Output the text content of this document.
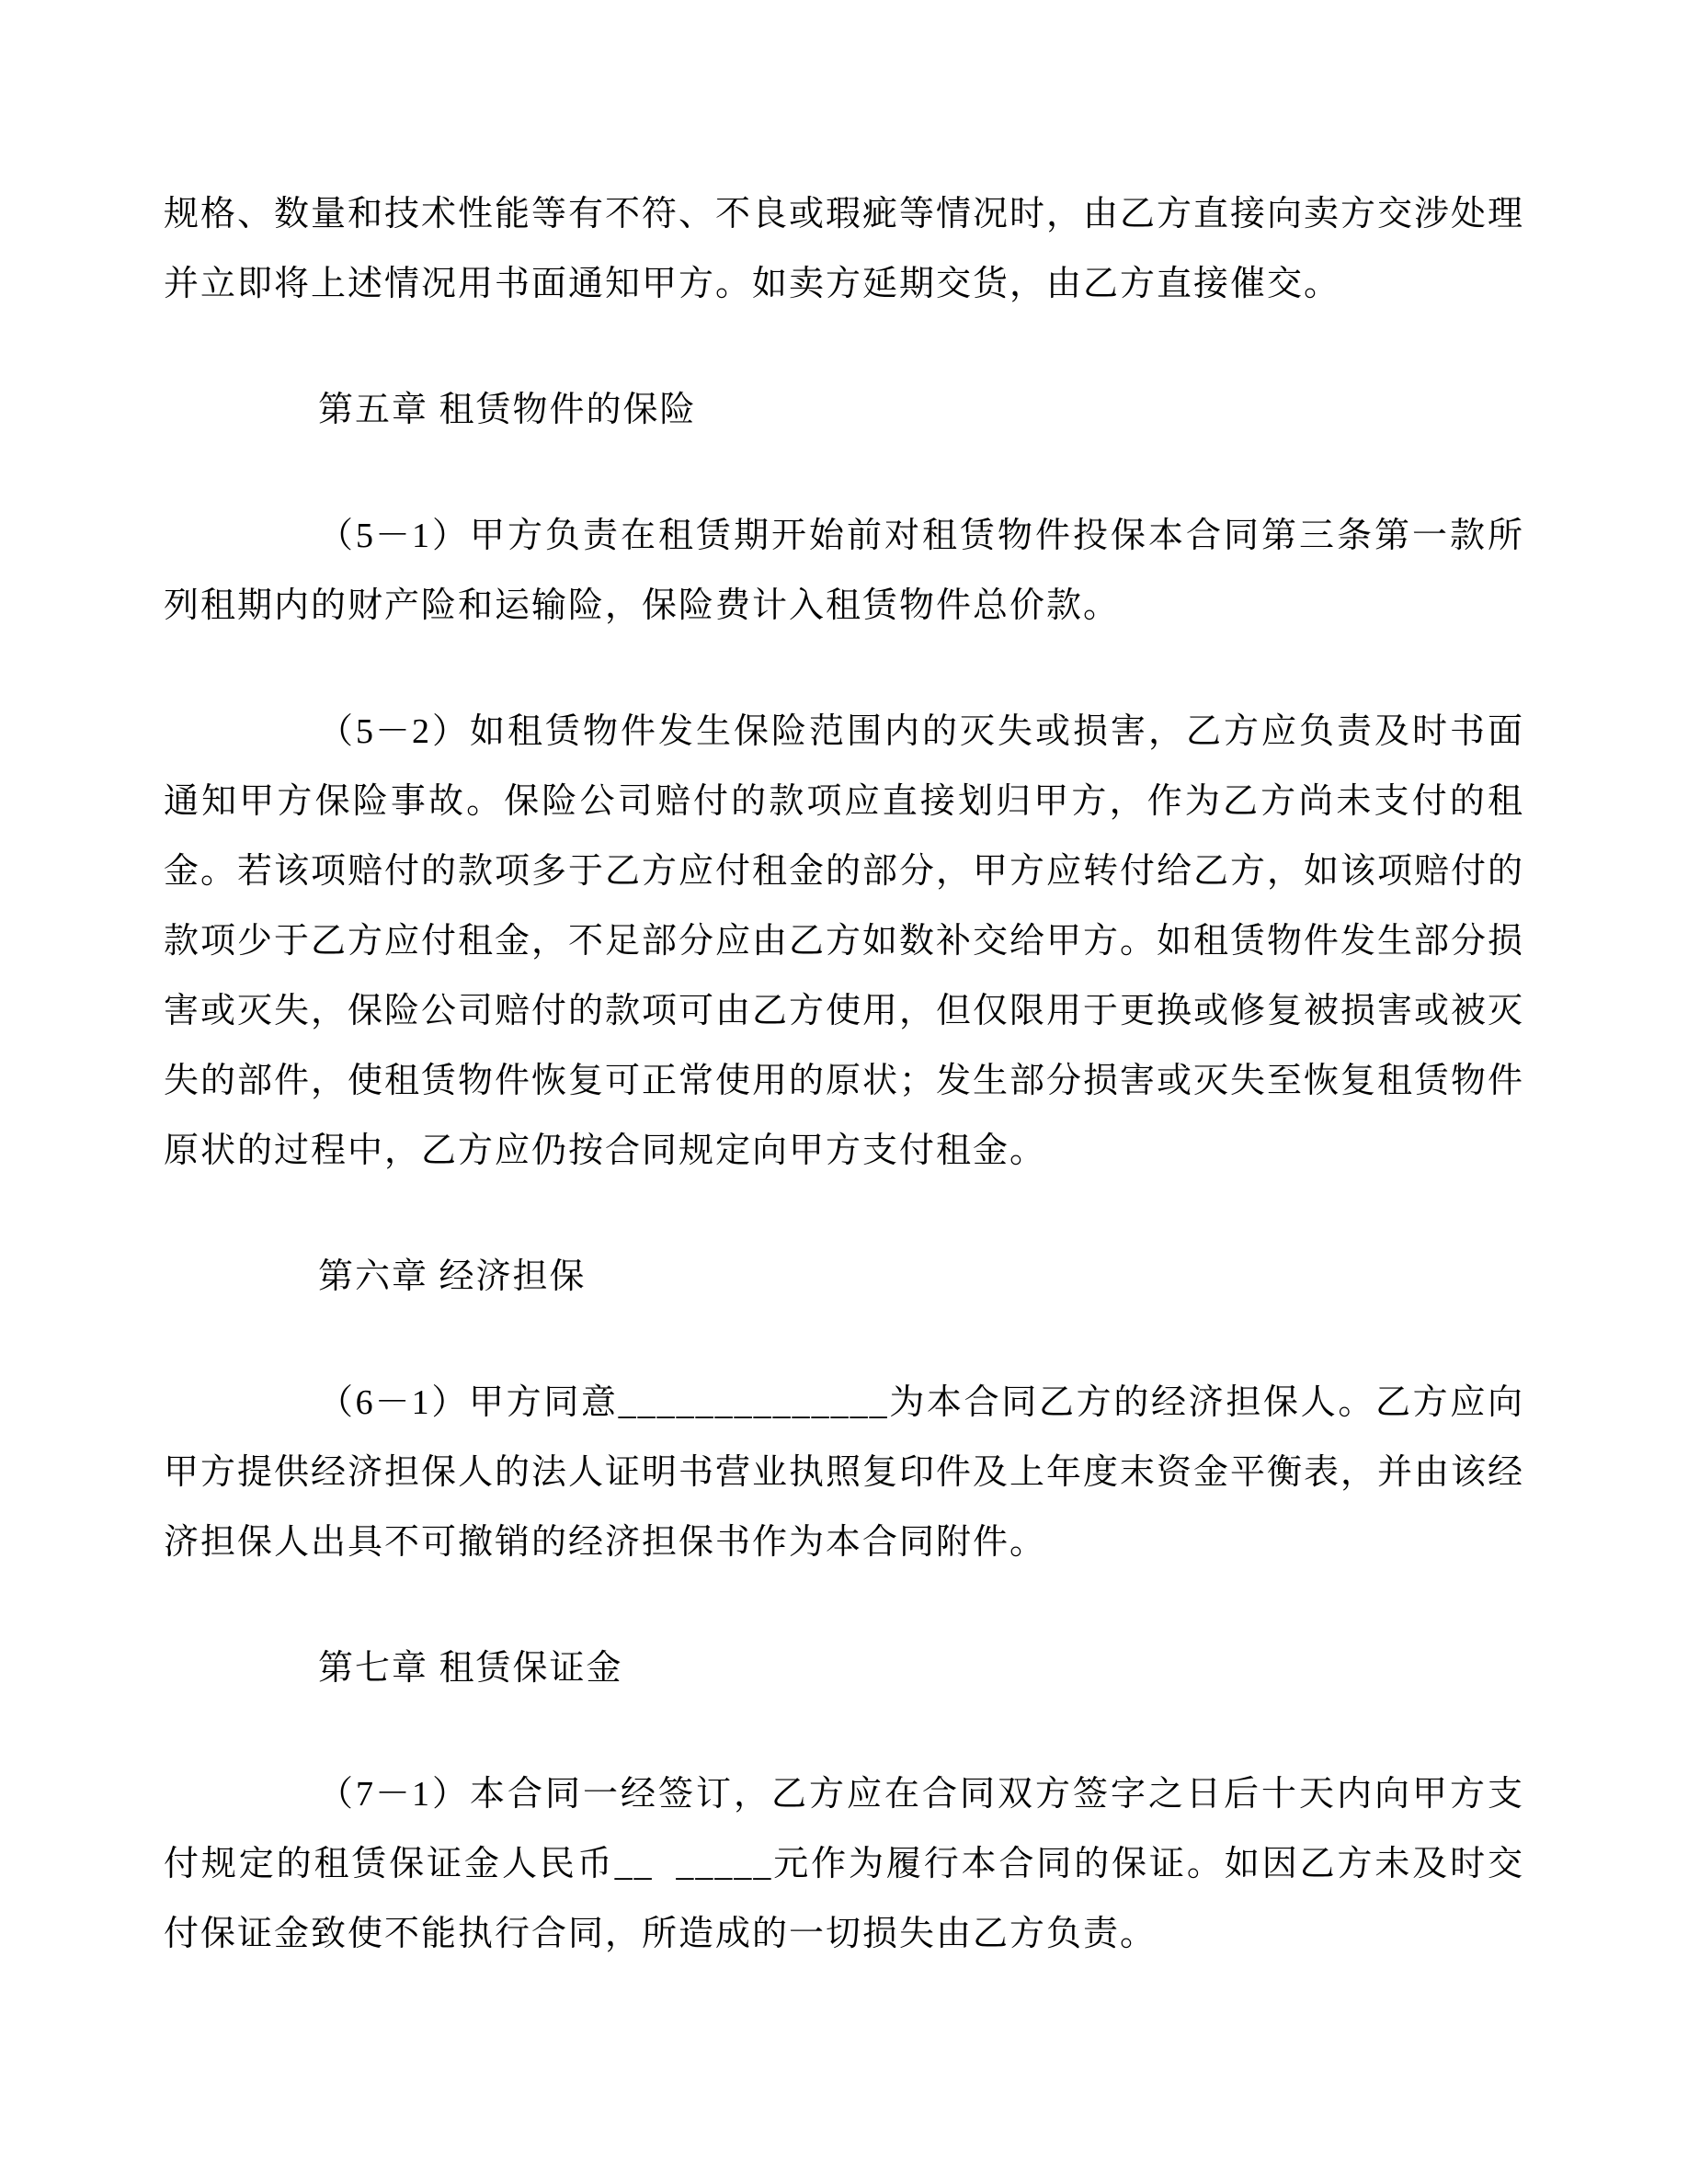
规格、数量和技术性能等有不符、不良或瑕疵等情况时，由乙方直接向卖方交涉处理并立即将上述情况用书面通知甲方。如卖方延期交货，由乙方直接催交。
第五章 租赁物件的保险
（5－1）甲方负责在租赁期开始前对租赁物件投保本合同第三条第一款所列租期内的财产险和运输险，保险费计入租赁物件总价款。
（5－2）如租赁物件发生保险范围内的灭失或损害，乙方应负责及时书面通知甲方保险事故。保险公司赔付的款项应直接划归甲方，作为乙方尚未支付的租金。若该项赔付的款项多于乙方应付租金的部分，甲方应转付给乙方，如该项赔付的款项少于乙方应付租金，不足部分应由乙方如数补交给甲方。如租赁物件发生部分损害或灭失，保险公司赔付的款项可由乙方使用，但仅限用于更换或修复被损害或被灭失的部件，使租赁物件恢复可正常使用的原状；发生部分损害或灭失至恢复租赁物件原状的过程中，乙方应仍按合同规定向甲方支付租金。
第六章 经济担保
（6－1）甲方同意______________为本合同乙方的经济担保人。乙方应向甲方提供经济担保人的法人证明书营业执照复印件及上年度末资金平衡表，并由该经济担保人出具不可撤销的经济担保书作为本合同附件。
第七章 租赁保证金
（7－1）本合同一经签订，乙方应在合同双方签字之日后十天内向甲方支付规定的租赁保证金人民币__  _____元作为履行本合同的保证。如因乙方未及时交付保证金致使不能执行合同，所造成的一切损失由乙方负责。
